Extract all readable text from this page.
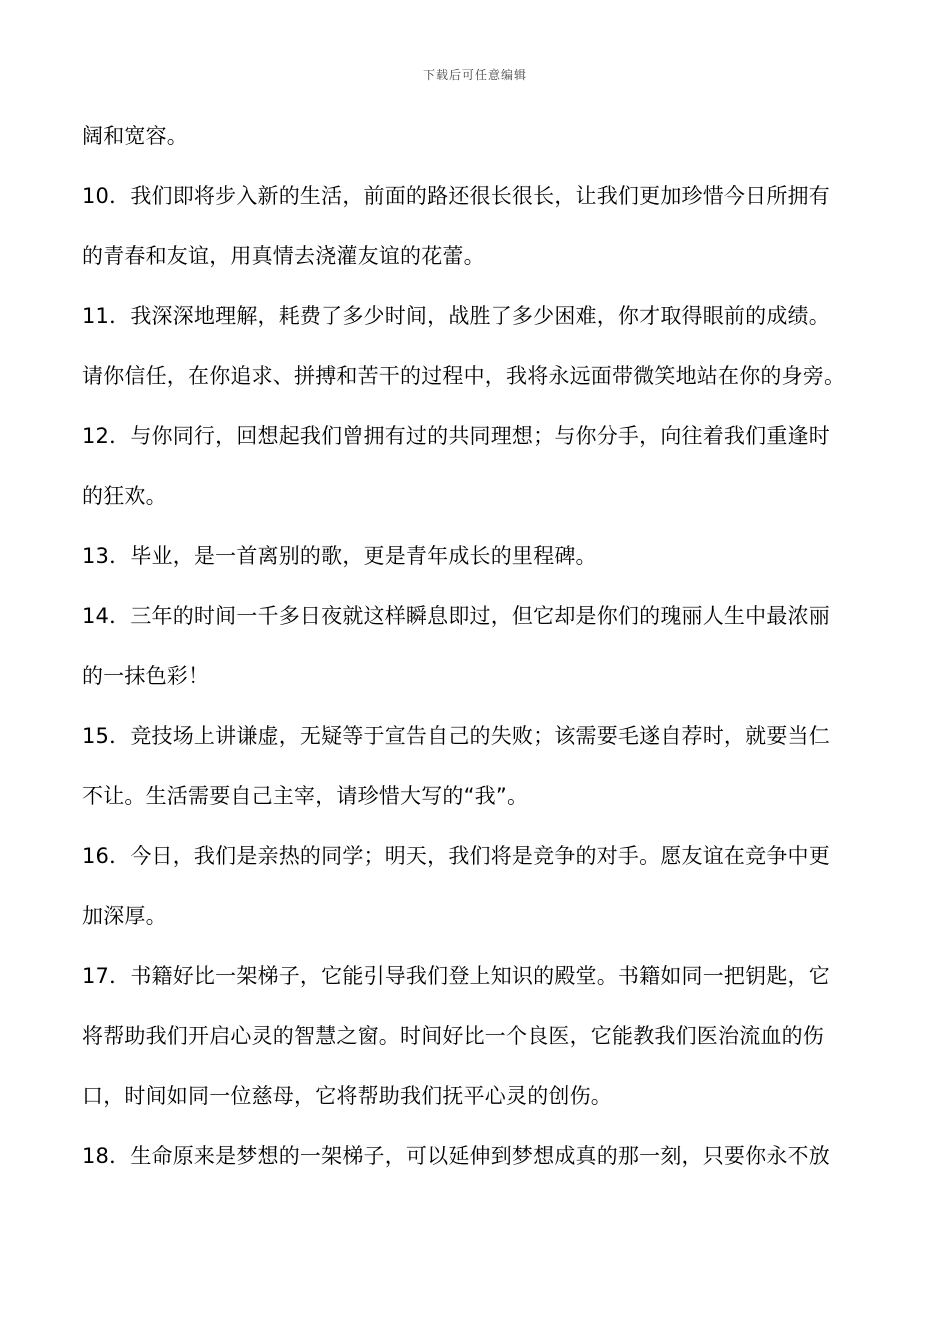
下载后可任意编辑
阔和宽容。
10．我们即将步入新的生活，前面的路还很长很长，让我们更加珍惜今日所拥有
的青春和友谊，用真情去浇灌友谊的花蕾。
11．我深深地理解，耗费了多少时间，战胜了多少困难，你才取得眼前的成绩。
请你信任，在你追求、拼搏和苦干的过程中，我将永远面带微笑地站在你的身旁。
12．与你同行，回想起我们曾拥有过的共同理想；与你分手，向往着我们重逢时
的狂欢。
13．毕业，是一首离别的歌，更是青年成长的里程碑。
14．三年的时间一千多日夜就这样瞬息即过，但它却是你们的瑰丽人生中最浓丽
的一抹色彩！
15．竞技场上讲谦虚，无疑等于宣告自己的失败；该需要毛遂自荐时，就要当仁
不让。生活需要自己主宰，请珍惜大写的“我”。
16．今日，我们是亲热的同学；明天，我们将是竞争的对手。愿友谊在竞争中更
加深厚。
17．书籍好比一架梯子，它能引导我们登上知识的殿堂。书籍如同一把钥匙，它
将帮助我们开启心灵的智慧之窗。时间好比一个良医，它能教我们医治流血的伤
口，时间如同一位慈母，它将帮助我们抚平心灵的创伤。
18．生命原来是梦想的一架梯子，可以延伸到梦想成真的那一刻，只要你永不放
